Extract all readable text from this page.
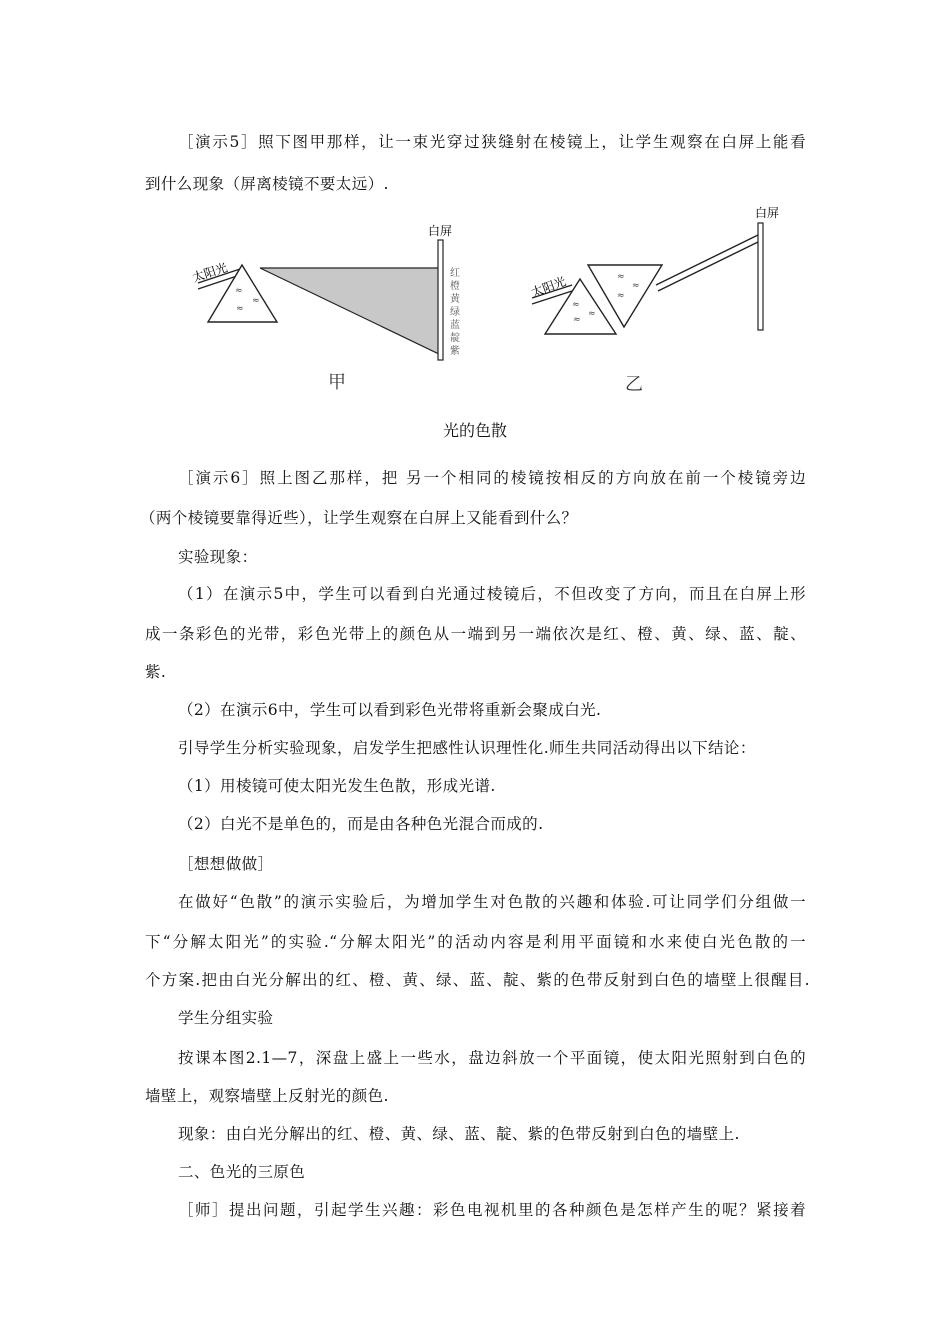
［演示5］照下图甲那样，让一束光穿过狭缝射在棱镜上，让学生观察在白屏上能看
到什么现象（屏离棱镜不要太远）.
≈
≈
≈
白屏
太阳光	红
橙
黄
绿
蓝
靛
紫
甲
≈
≈
≈
≈
≈
≈
白屏
太阳光
乙
光的色散
［演示6］照上图乙那样，把 另一个相同的棱镜按相反的方向放在前一个棱镜旁边
（两个棱镜要靠得近些），让学生观察在白屏上又能看到什么？
实验现象：
（1）在演示5中，学生可以看到白光通过棱镜后，不但改变了方向，而且在白屏上形
成一条彩色的光带，彩色光带上的颜色从一端到另一端依次是红、橙、黄、绿、蓝、靛、
紫.
（2）在演示6中，学生可以看到彩色光带将重新会聚成白光.
引导学生分析实验现象，启发学生把感性认识理性化.师生共同活动得出以下结论：
（1）用棱镜可使太阳光发生色散，形成光谱.
（2）白光不是单色的，而是由各种色光混合而成的.
［想想做做］
在做好“色散”的演示实验后，为增加学生对色散的兴趣和体验.可让同学们分组做一
下“分解太阳光”的实验.“分解太阳光”的活动内容是利用平面镜和水来使白光色散的一
个方案.把由白光分解出的红、橙、黄、绿、蓝、靛、紫的色带反射到白色的墙壁上很醒目.
学生分组实验
按课本图2.1—7，深盘上盛上一些水，盘边斜放一个平面镜，使太阳光照射到白色的
墙壁上，观察墙壁上反射光的颜色.
现象：由白光分解出的红、橙、黄、绿、蓝、靛、紫的色带反射到白色的墙壁上.
二、色光的三原色
［师］提出问题，引起学生兴趣：彩色电视机里的各种颜色是怎样产生的呢？紧接着
